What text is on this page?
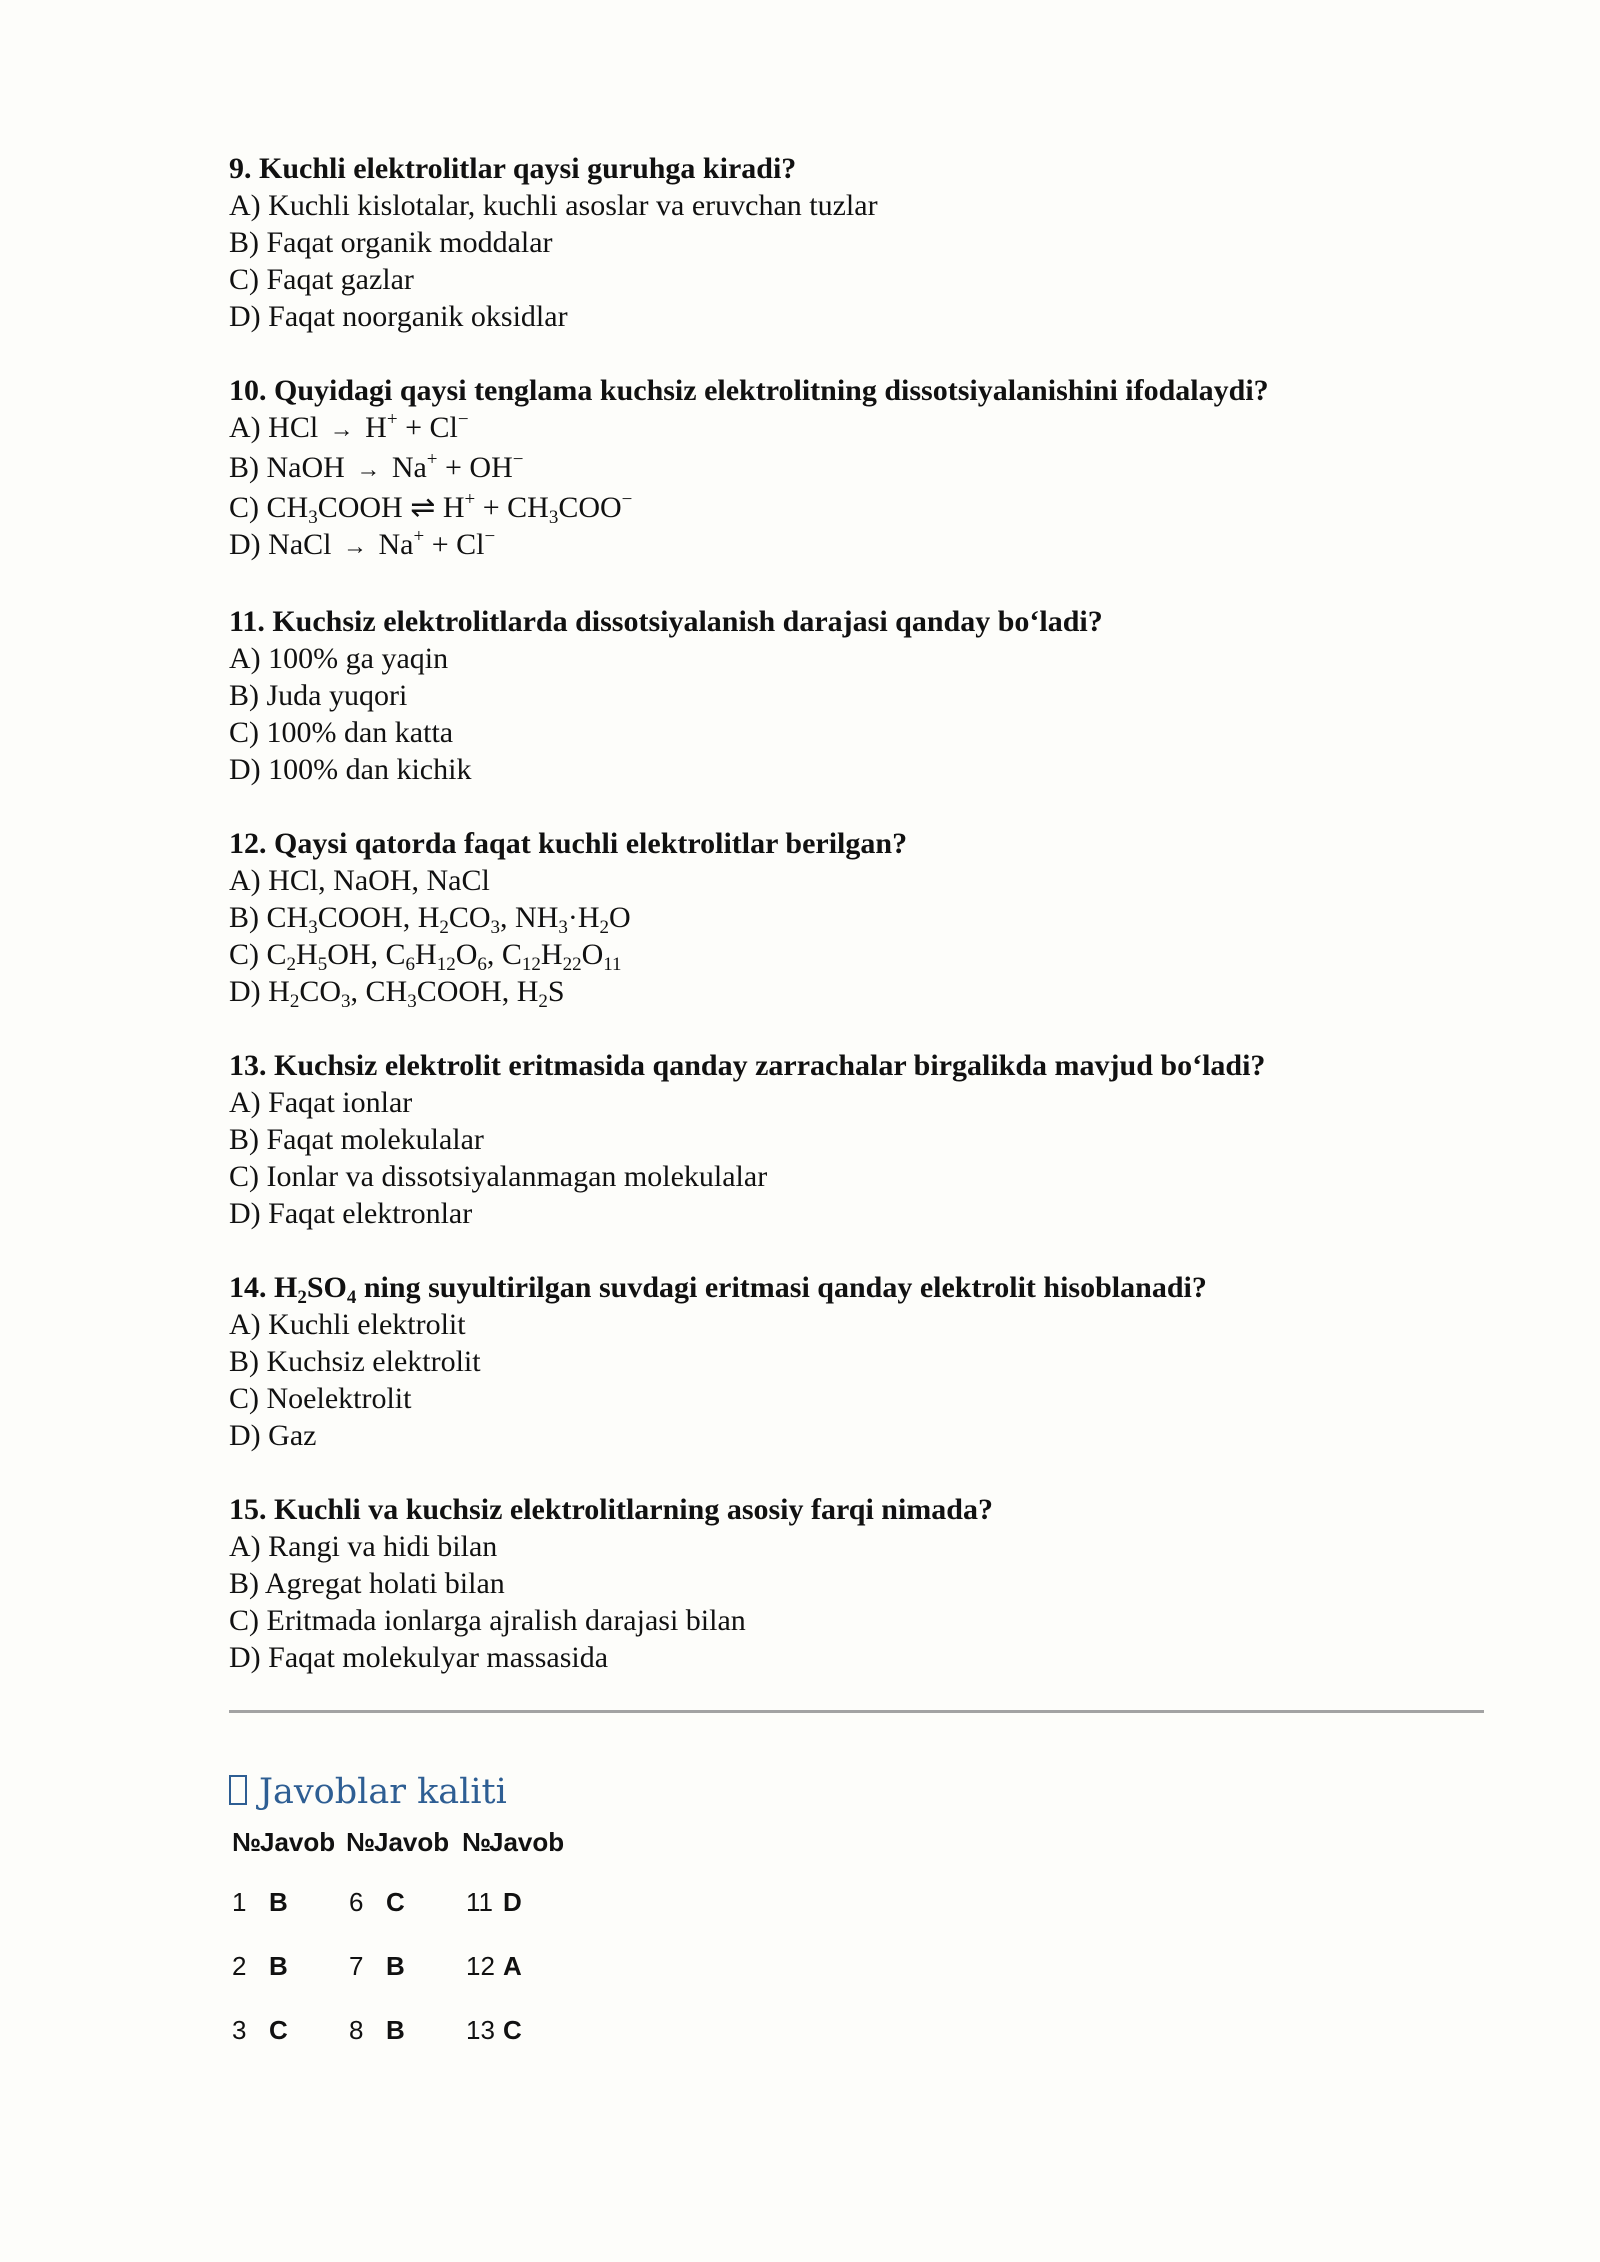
9. Kuchli elektrolitlar qaysi guruhga kiradi?

A) Kuchli kislotalar, kuchli asoslar va eruvchan tuzlar

B) Faqat organik moddalar

C) Faqat gazlar

D) Faqat noorganik oksidlar

10. Quyidagi qaysi tenglama kuchsiz elektrolitning dissotsiyalanishini ifodalaydi?

A) HCl → H+ + Cl−

B) NaOH → Na+ + OH−

C) $CH_3COOH$ ⇌ $H^+ + CH_3COO^-$

D) NaCl → Na+ + Cl−

11. Kuchsiz elektrolitlarda dissotsiyalanish darajasi qanday bo‘ladi?

A) 100% ga yaqin

B) Juda yuqori

C) 100% dan katta

D) 100% dan kichik

12. Qaysi qatorda faqat kuchli elektrolitlar berilgan?

A) HCl, NaOH, NaCl

B) $CH_3COOH$, $H_2CO_3$, $NH_3\cdot H_2O$

C) $C_2H_5OH$, $C_6H_{12}O_6$, $C_{12}H_{22}O_{11}$

D) $H_2CO_3$, $CH_3COOH$, $H_2S$

13. Kuchsiz elektrolit eritmasida qanday zarrachalar birgalikda mavjud bo‘ladi?

A) Faqat ionlar

B) Faqat molekulalar

C) Ionlar va dissotsiyalanmagan molekulalar

D) Faqat elektronlar

14. $H_2SO_4$ ning suyultirilgan suvdagi eritmasi qanday elektrolit hisoblanadi?

A) Kuchli elektrolit

B) Kuchsiz elektrolit

C) Noelektrolit

D) Gaz

15. Kuchli va kuchsiz elektrolitlarning asosiy farqi nimada?

A) Rangi va hidi bilan

B) Agregat holati bilan

C) Eritmada ionlarga ajralish darajasi bilan

D) Faqat molekulyar massasida

Javoblar kaliti
№ Javob № Javob №
Javob
1 B 6 C 11 D
2 B 7 B 12 A
3 C 8 B 13 C
